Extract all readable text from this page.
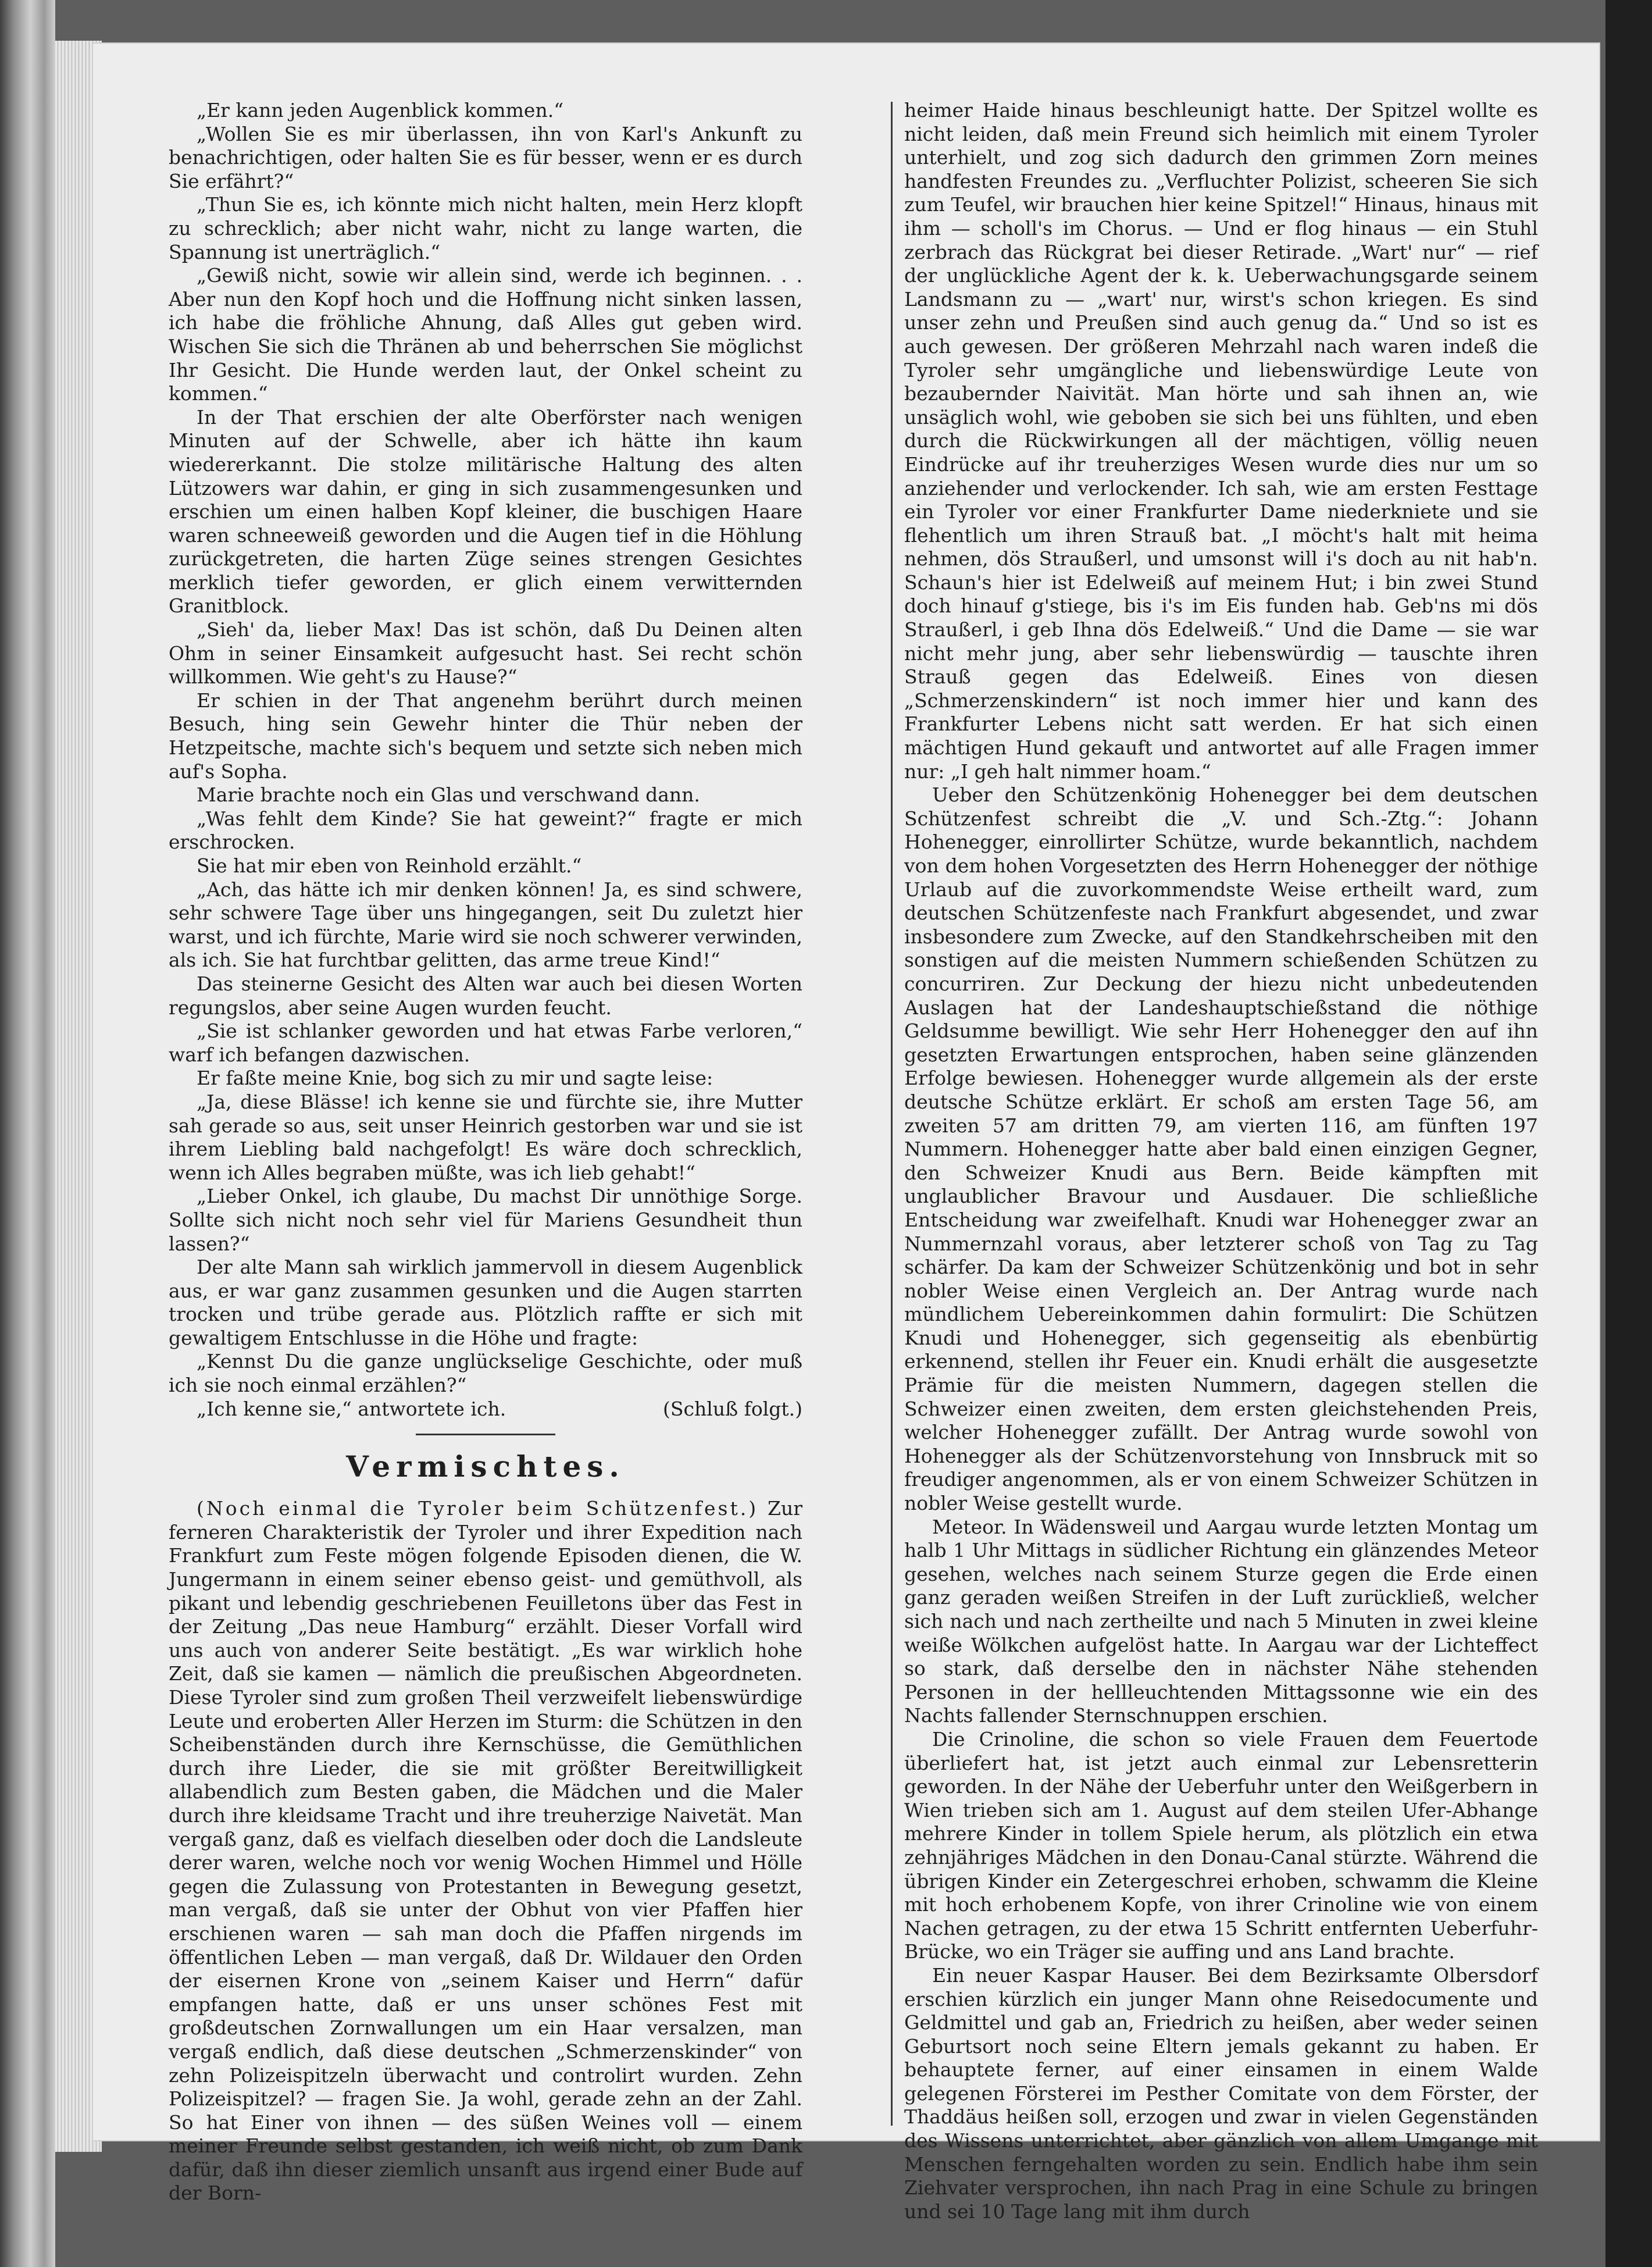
„Er kann jeden Augenblick kommen.“

„Wollen Sie es mir überlassen, ihn von Karl's Ankunft zu benachrichtigen, oder halten Sie es für besser, wenn er es durch Sie erfährt?“

„Thun Sie es, ich könnte mich nicht halten, mein Herz klopft zu schrecklich; aber nicht wahr, nicht zu lange warten, die Spannung ist unerträglich.“

„Gewiß nicht, sowie wir allein sind, werde ich beginnen. . . Aber nun den Kopf hoch und die Hoffnung nicht sinken lassen, ich habe die fröhliche Ahnung, daß Alles gut geben wird. Wischen Sie sich die Thränen ab und beherrschen Sie möglichst Ihr Gesicht. Die Hunde werden laut, der Onkel scheint zu kommen.“

In der That erschien der alte Oberförster nach wenigen Minuten auf der Schwelle, aber ich hätte ihn kaum wiedererkannt. Die stolze militärische Haltung des alten Lützowers war dahin, er ging in sich zusammengesunken und erschien um einen halben Kopf kleiner, die buschigen Haare waren schneeweiß geworden und die Augen tief in die Höhlung zurückgetreten, die harten Züge seines strengen Gesichtes merklich tiefer geworden, er glich einem verwitternden Granitblock.

„Sieh' da, lieber Max! Das ist schön, daß Du Deinen alten Ohm in seiner Einsamkeit aufgesucht hast. Sei recht schön willkommen. Wie geht's zu Hause?“

Er schien in der That angenehm berührt durch meinen Besuch, hing sein Gewehr hinter die Thür neben der Hetzpeitsche, machte sich's bequem und setzte sich neben mich auf's Sopha.

Marie brachte noch ein Glas und verschwand dann.

„Was fehlt dem Kinde? Sie hat geweint?“ fragte er mich erschrocken.

Sie hat mir eben von Reinhold erzählt.“

„Ach, das hätte ich mir denken können! Ja, es sind schwere, sehr schwere Tage über uns hingegangen, seit Du zuletzt hier warst, und ich fürchte, Marie wird sie noch schwerer verwinden, als ich. Sie hat furchtbar gelitten, das arme treue Kind!“

Das steinerne Gesicht des Alten war auch bei diesen Worten regungslos, aber seine Augen wurden feucht.

„Sie ist schlanker geworden und hat etwas Farbe verloren,“ warf ich befangen dazwischen.

Er faßte meine Knie, bog sich zu mir und sagte leise:

„Ja, diese Blässe! ich kenne sie und fürchte sie, ihre Mutter sah gerade so aus, seit unser Heinrich gestorben war und sie ist ihrem Liebling bald nachgefolgt! Es wäre doch schrecklich, wenn ich Alles begraben müßte, was ich lieb gehabt!“

„Lieber Onkel, ich glaube, Du machst Dir unnöthige Sorge. Sollte sich nicht noch sehr viel für Mariens Gesundheit thun lassen?“

Der alte Mann sah wirklich jammervoll in diesem Augenblick aus, er war ganz zusammen gesunken und die Augen starrten trocken und trübe gerade aus. Plötzlich raffte er sich mit gewaltigem Entschlusse in die Höhe und fragte:

„Kennst Du die ganze unglückselige Geschichte, oder muß ich sie noch einmal erzählen?“

„Ich kenne sie,“ antwortete ich.	(Schluß folgt.)

Vermischtes.

(Noch einmal die Tyroler beim Schützenfest.) Zur ferneren Charakteristik der Tyroler und ihrer Expedition nach Frankfurt zum Feste mögen folgende Episoden dienen, die W. Jungermann in einem seiner ebenso geist- und gemüthvoll, als pikant und lebendig geschriebenen Feuilletons über das Fest in der Zeitung „Das neue Hamburg“ erzählt. Dieser Vorfall wird uns auch von anderer Seite bestätigt. „Es war wirklich hohe Zeit, daß sie kamen — nämlich die preußischen Abgeordneten. Diese Tyroler sind zum großen Theil verzweifelt liebenswürdige Leute und eroberten Aller Herzen im Sturm: die Schützen in den Scheibenständen durch ihre Kernschüsse, die Gemüthlichen durch ihre Lieder, die sie mit größter Bereitwilligkeit allabendlich zum Besten gaben, die Mädchen und die Maler durch ihre kleidsame Tracht und ihre treuherzige Naivetät. Man vergaß ganz, daß es vielfach dieselben oder doch die Landsleute derer waren, welche noch vor wenig Wochen Himmel und Hölle gegen die Zulassung von Protestanten in Bewegung gesetzt, man vergaß, daß sie unter der Obhut von vier Pfaffen hier erschienen waren — sah man doch die Pfaffen nirgends im öffentlichen Leben — man vergaß, daß Dr. Wildauer den Orden der eisernen Krone von „seinem Kaiser und Herrn“ dafür empfangen hatte, daß er uns unser schönes Fest mit großdeutschen Zornwallungen um ein Haar versalzen, man vergaß endlich, daß diese deutschen „Schmerzenskinder“ von zehn Polizeispitzeln überwacht und controlirt wurden. Zehn Polizeispitzel? — fragen Sie. Ja wohl, gerade zehn an der Zahl. So hat Einer von ihnen — des süßen Weines voll — einem meiner Freunde selbst gestanden, ich weiß nicht, ob zum Dank dafür, daß ihn dieser ziemlich unsanft aus irgend einer Bude auf der Born-

heimer Haide hinaus beschleunigt hatte. Der Spitzel wollte es nicht leiden, daß mein Freund sich heimlich mit einem Tyroler unterhielt, und zog sich dadurch den grimmen Zorn meines handfesten Freundes zu. „Verfluchter Polizist, scheeren Sie sich zum Teufel, wir brauchen hier keine Spitzel!“ Hinaus, hinaus mit ihm — scholl's im Chorus. — Und er flog hinaus — ein Stuhl zerbrach das Rückgrat bei dieser Retirade. „Wart' nur“ — rief der unglückliche Agent der k. k. Ueberwachungsgarde seinem Landsmann zu — „wart' nur, wirst's schon kriegen. Es sind unser zehn und Preußen sind auch genug da.“ Und so ist es auch gewesen. Der größeren Mehrzahl nach waren indeß die Tyroler sehr umgängliche und liebenswürdige Leute von bezaubernder Naivität. Man hörte und sah ihnen an, wie unsäglich wohl, wie geboben sie sich bei uns fühlten, und eben durch die Rückwirkungen all der mächtigen, völlig neuen Eindrücke auf ihr treuherziges Wesen wurde dies nur um so anziehender und verlockender. Ich sah, wie am ersten Festtage ein Tyroler vor einer Frankfurter Dame niederkniete und sie flehentlich um ihren Strauß bat. „I möcht's halt mit heima nehmen, dös Straußerl, und umsonst will i's doch au nit hab'n. Schaun's hier ist Edelweiß auf meinem Hut; i bin zwei Stund doch hinauf g'stiege, bis i's im Eis funden hab. Geb'ns mi dös Straußerl, i geb Ihna dös Edelweiß.“ Und die Dame — sie war nicht mehr jung, aber sehr liebenswürdig — tauschte ihren Strauß gegen das Edelweiß. Eines von diesen „Schmerzenskindern“ ist noch immer hier und kann des Frankfurter Lebens nicht satt werden. Er hat sich einen mächtigen Hund gekauft und antwortet auf alle Fragen immer nur: „I geh halt nimmer hoam.“

Ueber den Schützenkönig Hohenegger bei dem deutschen Schützenfest schreibt die „V. und Sch.-Ztg.“: Johann Hohenegger, einrollirter Schütze, wurde bekanntlich, nachdem von dem hohen Vorgesetzten des Herrn Hohenegger der nöthige Urlaub auf die zuvorkommendste Weise ertheilt ward, zum deutschen Schützenfeste nach Frankfurt abgesendet, und zwar insbesondere zum Zwecke, auf den Standkehrscheiben mit den sonstigen auf die meisten Nummern schießenden Schützen zu concurriren. Zur Deckung der hiezu nicht unbedeutenden Auslagen hat der Landeshauptschießstand die nöthige Geldsumme bewilligt. Wie sehr Herr Hohenegger den auf ihn gesetzten Erwartungen entsprochen, haben seine glänzenden Erfolge bewiesen. Hohenegger wurde allgemein als der erste deutsche Schütze erklärt. Er schoß am ersten Tage 56, am zweiten 57 am dritten 79, am vierten 116, am fünften 197 Nummern. Hohenegger hatte aber bald einen einzigen Gegner, den Schweizer Knudi aus Bern. Beide kämpften mit unglaublicher Bravour und Ausdauer. Die schließliche Entscheidung war zweifelhaft. Knudi war Hohenegger zwar an Nummernzahl voraus, aber letzterer schoß von Tag zu Tag schärfer. Da kam der Schweizer Schützenkönig und bot in sehr nobler Weise einen Vergleich an. Der Antrag wurde nach mündlichem Uebereinkommen dahin formulirt: Die Schützen Knudi und Hohenegger, sich gegenseitig als ebenbürtig erkennend, stellen ihr Feuer ein. Knudi erhält die ausgesetzte Prämie für die meisten Nummern, dagegen stellen die Schweizer einen zweiten, dem ersten gleichstehenden Preis, welcher Hohenegger zufällt. Der Antrag wurde sowohl von Hohenegger als der Schützenvorstehung von Innsbruck mit so freudiger angenommen, als er von einem Schweizer Schützen in nobler Weise gestellt wurde.

Meteor. In Wädensweil und Aargau wurde letzten Montag um halb 1 Uhr Mittags in südlicher Richtung ein glänzendes Meteor gesehen, welches nach seinem Sturze gegen die Erde einen ganz geraden weißen Streifen in der Luft zurückließ, welcher sich nach und nach zertheilte und nach 5 Minuten in zwei kleine weiße Wölkchen aufgelöst hatte. In Aargau war der Lichteffect so stark, daß derselbe den in nächster Nähe stehenden Personen in der hellleuchtenden Mittagssonne wie ein des Nachts fallender Sternschnuppen erschien.

Die Crinoline, die schon so viele Frauen dem Feuertode überliefert hat, ist jetzt auch einmal zur Lebensretterin geworden. In der Nähe der Ueberfuhr unter den Weißgerbern in Wien trieben sich am 1. August auf dem steilen Ufer-Abhange mehrere Kinder in tollem Spiele herum, als plötzlich ein etwa zehnjähriges Mädchen in den Donau-Canal stürzte. Während die übrigen Kinder ein Zetergeschrei erhoben, schwamm die Kleine mit hoch erhobenem Kopfe, von ihrer Crinoline wie von einem Nachen getragen, zu der etwa 15 Schritt entfernten Ueberfuhr-Brücke, wo ein Träger sie auffing und ans Land brachte.

Ein neuer Kaspar Hauser. Bei dem Bezirksamte Olbersdorf erschien kürzlich ein junger Mann ohne Reisedocumente und Geldmittel und gab an, Friedrich zu heißen, aber weder seinen Geburtsort noch seine Eltern jemals gekannt zu haben. Er behauptete ferner, auf einer einsamen in einem Walde gelegenen Försterei im Pesther Comitate von dem Förster, der Thaddäus heißen soll, erzogen und zwar in vielen Gegenständen des Wissens unterrichtet, aber gänzlich von allem Umgange mit Menschen ferngehalten worden zu sein. Endlich habe ihm sein Ziehvater versprochen, ihn nach Prag in eine Schule zu bringen und sei 10 Tage lang mit ihm durch
